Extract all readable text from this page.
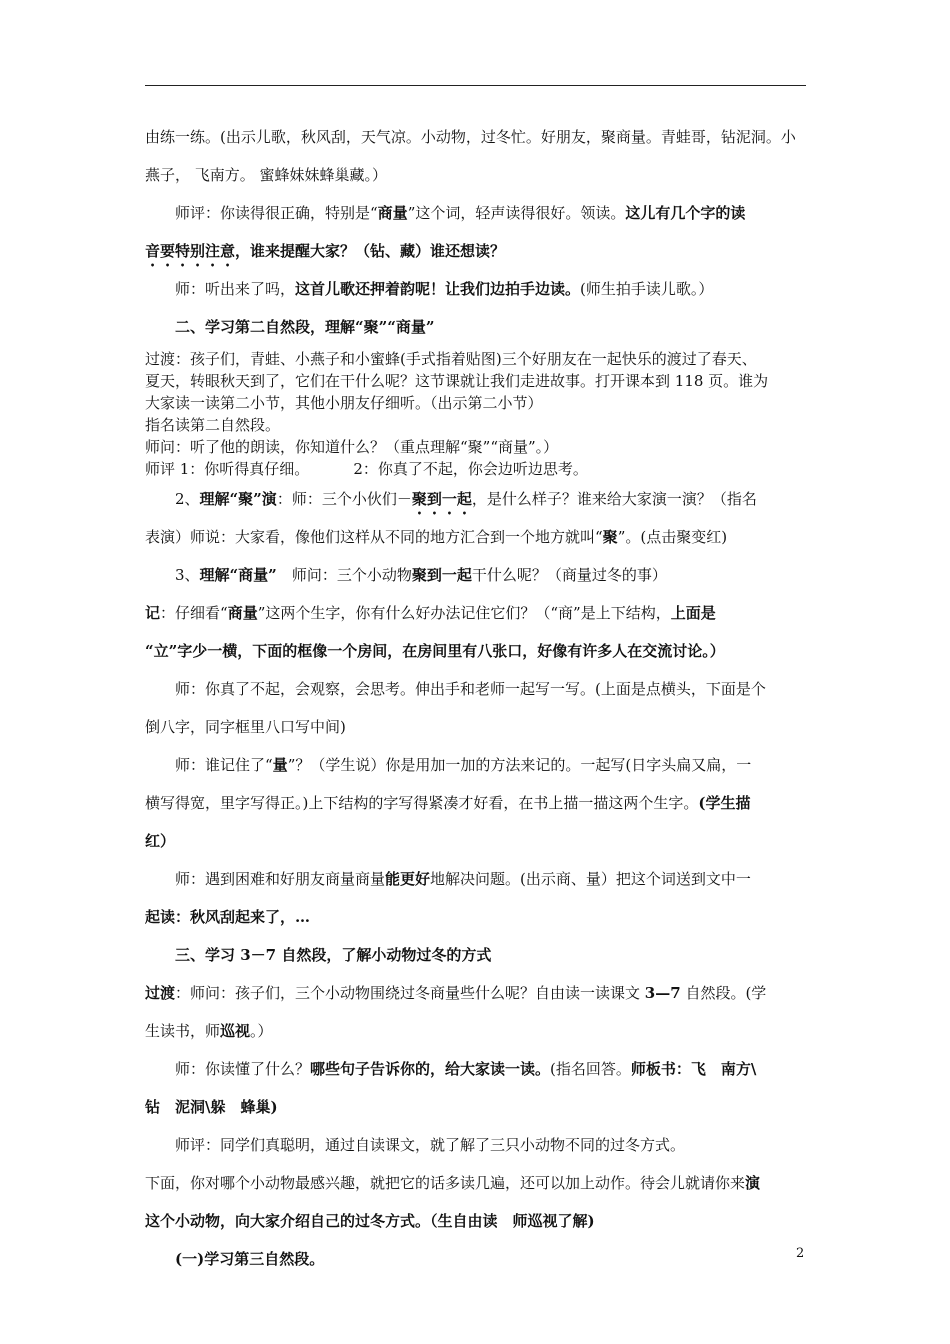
由练一练。(出示儿歌，秋风刮，天气凉。小动物，过冬忙。好朋友，聚商量。青蛙哥，钻泥洞。小

燕子， 飞南方。 蜜蜂妹妹蜂巢藏。）

师评：你读得很正确，特别是“商量”这个词，轻声读得很好。领读。这儿有几个字的读

音要特别注意，谁来提醒大家？（钻、藏）谁还想读？

师：听出来了吗，这首儿歌还押着韵呢！让我们边拍手边读。(师生拍手读儿歌。）

二、学习第二自然段，理解“聚”“商量”

过渡：孩子们，青蛙、小燕子和小蜜蜂(手式指着贴图)三个好朋友在一起快乐的渡过了春天、

夏天，转眼秋天到了，它们在干什么呢？这节课就让我们走进故事。打开课本到 118 页。谁为

大家读一读第二小节，其他小朋友仔细听。（出示第二小节）

指名读第二自然段。

师问：听了他的朗读，你知道什么？（重点理解“聚”“商量”。）

师评 1：你听得真仔细。	2：你真了不起，你会边听边思考。

2、理解“聚”演：师：三个小伙们－聚到一起，是什么样子？谁来给大家演一演？（指名

表演）师说：大家看，像他们这样从不同的地方汇合到一个地方就叫“聚”。(点击聚变红)

3、理解“商量”　 师问：三个小动物聚到一起干什么呢？（商量过冬的事）

记：仔细看“商量”这两个生字，你有什么好办法记住它们？（“商”是上下结构，上面是

“立”字少一横，下面的框像一个房间，在房间里有八张口，好像有许多人在交流讨论。）

师：你真了不起，会观察，会思考。伸出手和老师一起写一写。(上面是点横头，下面是个

倒八字，同字框里八口写中间)

师：谁记住了“量”？（学生说）你是用加一加的方法来记的。一起写(日字头扁又扁，一

横写得宽，里字写得正。)上下结构的字写得紧凑才好看，在书上描一描这两个生字。(学生描

红）

师：遇到困难和好朋友商量商量能更好地解决问题。(出示商、量）把这个词送到文中一

起读：秋风刮起来了，…

三、学习 3－7 自然段，了解小动物过冬的方式

过渡：师问：孩子们，三个小动物围绕过冬商量些什么呢？自由读一读课文 3—7 自然段。(学

生读书，师巡视。）

师：你读懂了什么？哪些句子告诉你的，给大家读一读。(指名回答。师板书：飞　南方\

钻　泥洞\躲　蜂巢)

师评：同学们真聪明，通过自读课文，就了解了三只小动物不同的过冬方式。

下面，你对哪个小动物最感兴趣，就把它的话多读几遍，还可以加上动作。待会儿就请你来演

这个小动物，向大家介绍自己的过冬方式。（生自由读　师巡视了解)

(一)学习第三自然段。	2
